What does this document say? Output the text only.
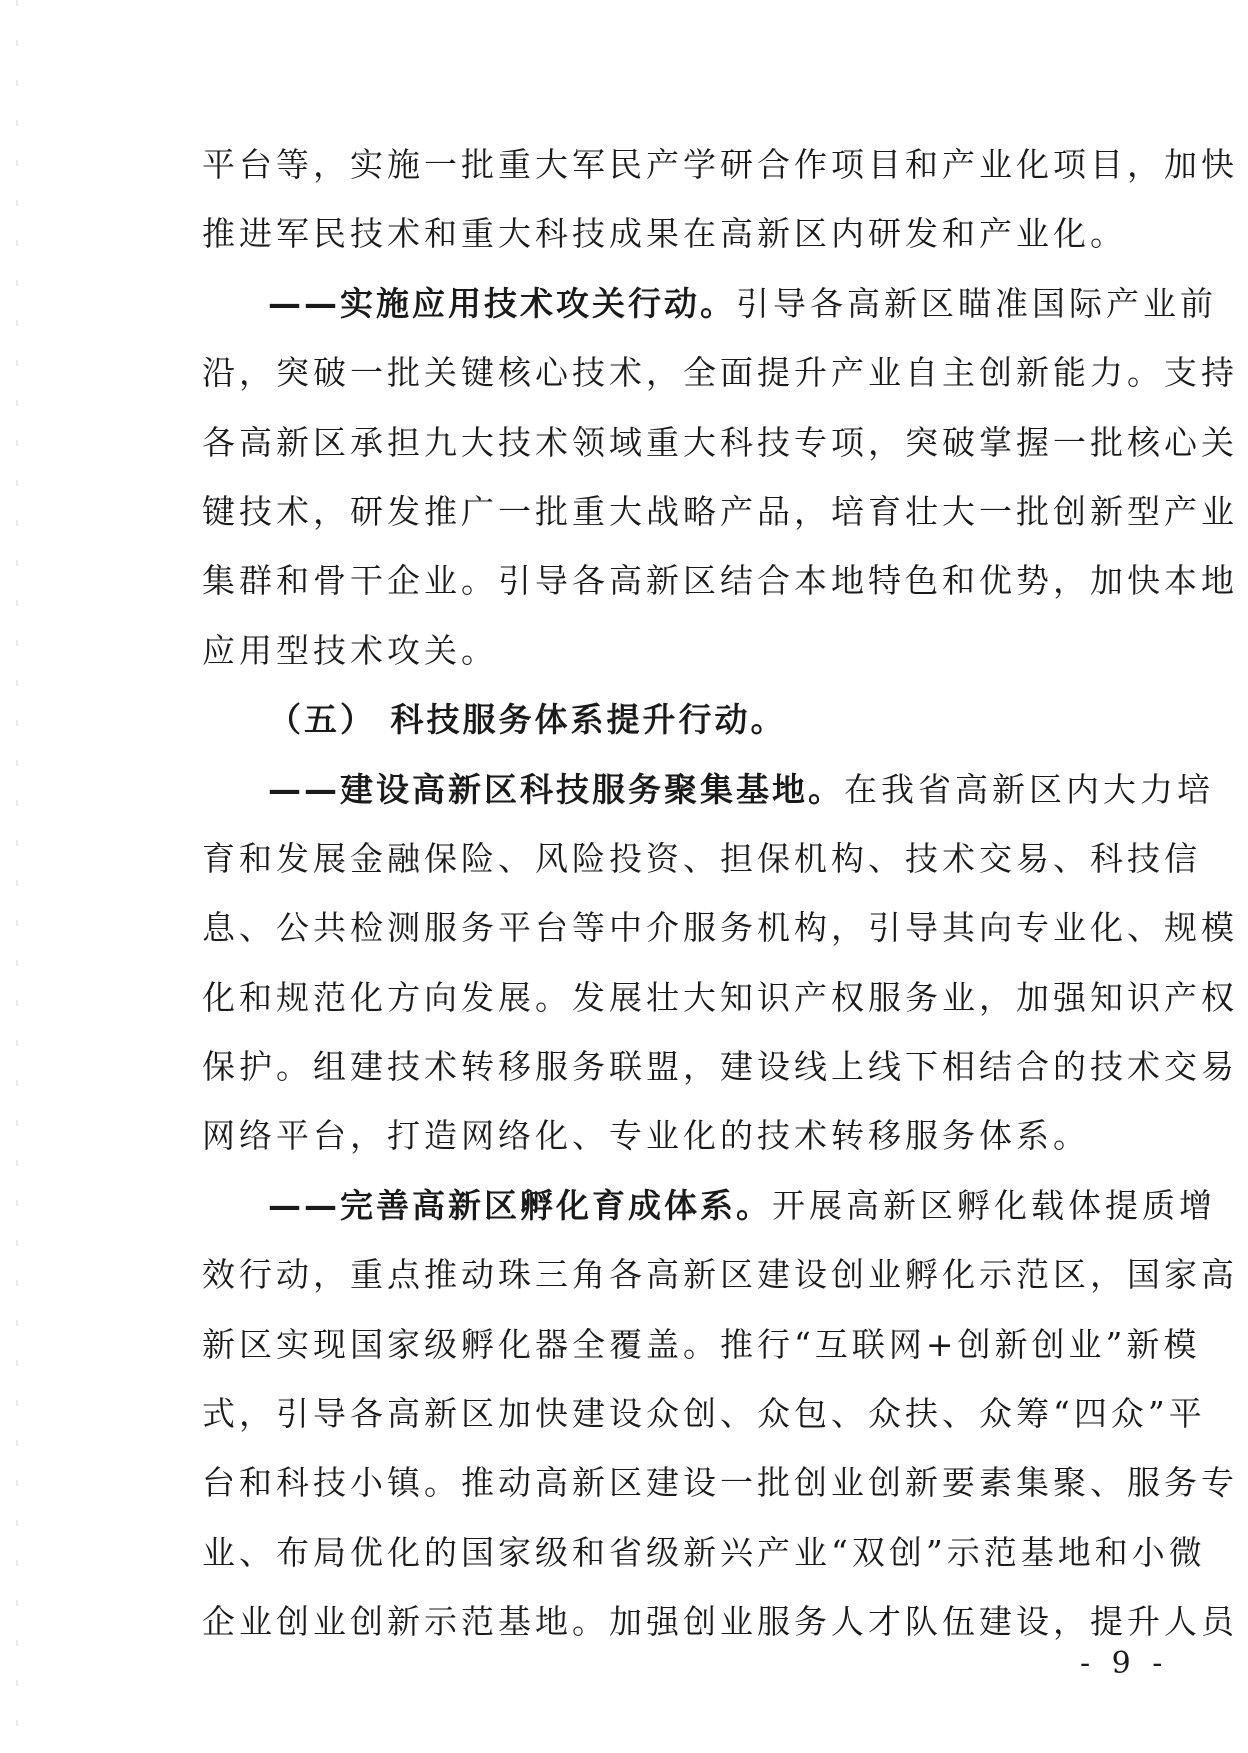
平台等，实施一批重大军民产学研合作项目和产业化项目，加快
推进军民技术和重大科技成果在高新区内研发和产业化。
——实施应用技术攻关行动。引导各高新区瞄准国际产业前
沿，突破一批关键核心技术，全面提升产业自主创新能力。支持
各高新区承担九大技术领域重大科技专项，突破掌握一批核心关
键技术，研发推广一批重大战略产品，培育壮大一批创新型产业
集群和骨干企业。引导各高新区结合本地特色和优势，加快本地
应用型技术攻关。
（五） 科技服务体系提升行动。
——建设高新区科技服务聚集基地。在我省高新区内大力培
育和发展金融保险、风险投资、担保机构、技术交易、科技信
息、公共检测服务平台等中介服务机构，引导其向专业化、规模
化和规范化方向发展。发展壮大知识产权服务业，加强知识产权
保护。组建技术转移服务联盟，建设线上线下相结合的技术交易
网络平台，打造网络化、专业化的技术转移服务体系。
——完善高新区孵化育成体系。开展高新区孵化载体提质增
效行动，重点推动珠三角各高新区建设创业孵化示范区，国家高
新区实现国家级孵化器全覆盖。推行“互联网+创新创业”新模
式，引导各高新区加快建设众创、众包、众扶、众筹“四众”平
台和科技小镇。推动高新区建设一批创业创新要素集聚、服务专
业、布局优化的国家级和省级新兴产业“双创”示范基地和小微
企业创业创新示范基地。加强创业服务人才队伍建设，提升人员
- 9 -
